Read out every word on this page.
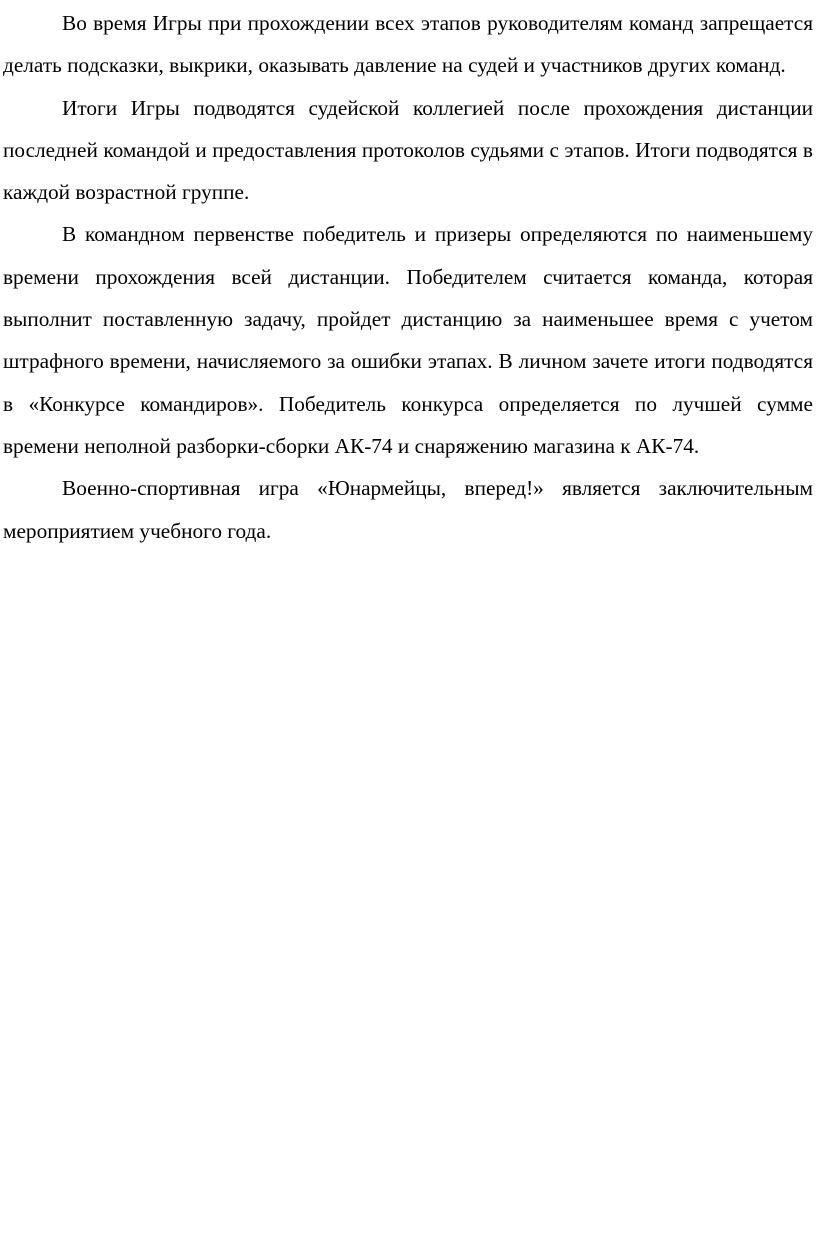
Во время Игры при прохождении всех этапов руководителям команд запрещается делать подсказки, выкрики, оказывать давление на судей и участников других команд.

Итоги Игры подводятся судейской коллегией после прохождения дистанции последней командой и предоставления протоколов судьями с этапов. Итоги подводятся в каждой возрастной группе.

В командном первенстве победитель и призеры определяются по наименьшему времени прохождения всей дистанции. Победителем считается команда, которая выполнит поставленную задачу, пройдет дистанцию за наименьшее время с учетом штрафного времени, начисляемого за ошибки этапах. В личном зачете итоги подводятся в «Конкурсе командиров». Победитель конкурса определяется по лучшей сумме времени неполной разборки-сборки АК-74 и снаряжению магазина к АК-74.

Военно-спортивная игра «Юнармейцы, вперед!» является заключительным мероприятием учебного года.
